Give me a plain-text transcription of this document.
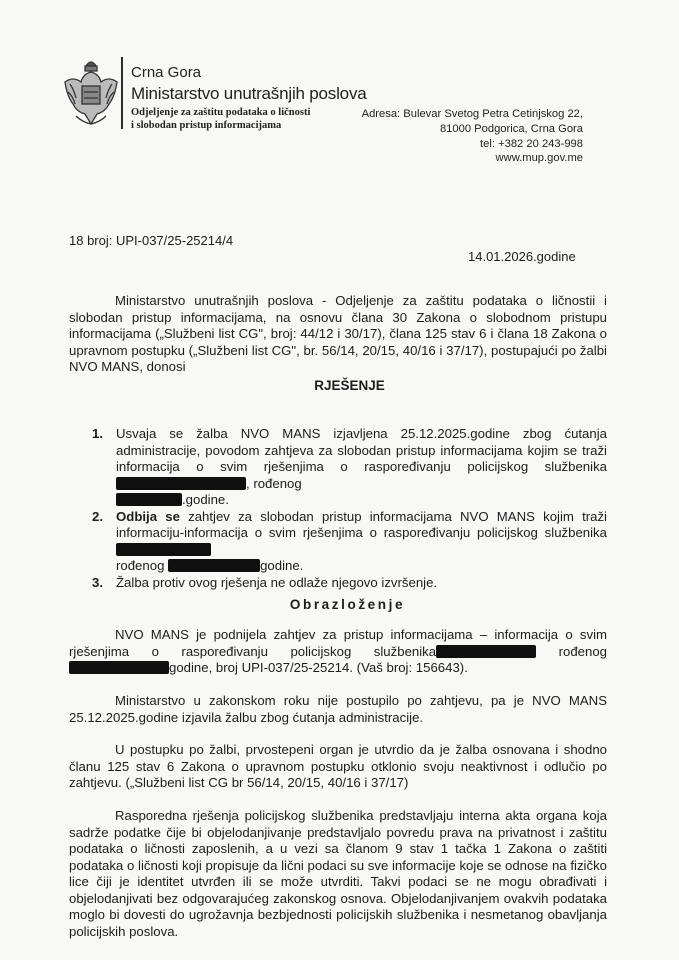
Crna Gora
Ministarstvo unutrašnjih poslova
Odjeljenje za zaštitu podataka o ličnosti
i slobodan pristup informacijama
Adresa: Bulevar Svetog Petra Cetinjskog 22,
81000 Podgorica, Crna Gora
tel: +382 20 243-998
www.mup.gov.me
18 broj: UPI-037/25-25214/4
14.01.2026.godine
Ministarstvo unutrašnjih poslova - Odjeljenje za zaštitu podataka o ličnostii i slobodan pristup informacijama, na osnovu člana 30 Zakona o slobodnom pristupu informacijama („Službeni list CG", broj: 44/12 i 30/17), člana 125 stav 6 i člana 18 Zakona o upravnom postupku („Službeni list CG", br. 56/14, 20/15, 40/16 i 37/17), postupajući po žalbi NVO MANS, donosi
RJEŠENJE
1. Usvaja se žalba NVO MANS izjavljena 25.12.2025.godine zbog ćutanja administracije, povodom zahtjeva za slobodan pristup informacijama kojim se traži informacija o svim rješenjima o raspoređivanju policijskog službenika , rođenog
.godine.
2. Odbija se zahtjev za slobodan pristup informacijama NVO MANS kojim traži informaciju-informacija o svim rješenjima o raspoređivanju policijskog službenika
rođenog	godine.
3. Žalba protiv ovog rješenja ne odlaže njegovo izvršenje.
Obrazloženje
NVO MANS je podnijela zahtjev za pristup informacijama – informacija o svim rješenjima o raspoređivanju policijskog službenika	rođenoggodine, broj UPI-037/25-25214. (Vaš broj: 156643).
Ministarstvo u zakonskom roku nije postupilo po zahtjevu, pa je NVO MANS 25.12.2025.godine izjavila žalbu zbog ćutanja administracije.
U postupku po žalbi, prvostepeni organ je utvrdio da je žalba osnovana i shodno članu 125 stav 6 Zakona o upravnom postupku otklonio svoju neaktivnost i odlučio po zahtjevu. („Službeni list CG br 56/14, 20/15, 40/16 i 37/17)
Rasporedna rješenja policijskog službenika predstavljaju interna akta organa koja sadrže podatke čije bi objelodanjivanje predstavljalo povredu prava na privatnost i zaštitu podataka o ličnosti zaposlenih, a u vezi sa članom 9 stav 1 tačka 1 Zakona o zaštiti podataka o ličnosti koji propisuje da lični podaci su sve informacije koje se odnose na fizičko lice čiji je identitet utvrđen ili se može utvrditi. Takvi podaci se ne mogu obrađivati i objelodanjivati bez odgovarajućeg zakonskog osnova. Objelodanjivanjem ovakvih podataka moglo bi dovesti do ugrožavnja bezbjednosti policijskih službenika i nesmetanog obavljanja policijskih poslova.
